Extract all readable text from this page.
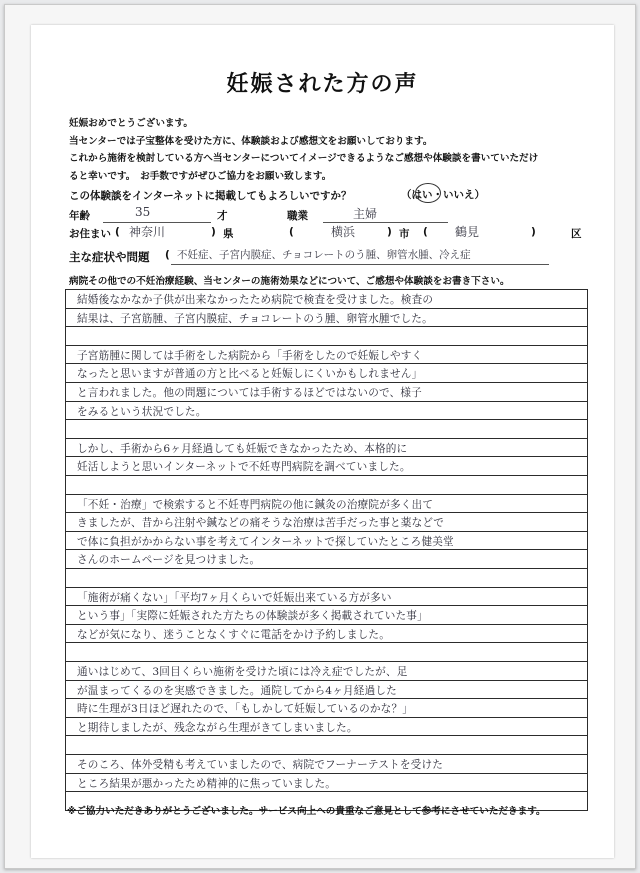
妊娠された方の声
妊娠おめでとうございます。
当センターでは子宝整体を受けた方に、体験談および感想文をお願いしております。
これから施術を検討している方へ当センターについてイメージできるようなご感想や体験談を書いていただけ
ると幸いです。　お手数ですがぜひご協力をお願い致します。
この体験談をインターネットに掲載してもよろしいですか？	（はい・いいえ）
年齢	35	才	職業	主婦
お住まい ( 神奈川	) 県	(	横浜	) 市 ( 鶴見	)	区
主な症状や問題 ( 不妊症、子宮内膜症、チョコレートのう腫、卵管水腫、冷え症
病院その他での不妊治療経験、当センターの施術効果などについて、ご感想や体験談をお書き下さい。
結婚後なかなか子供が出来なかったため病院で検査を受けました。検査の
結果は、子宮筋腫、子宮内膜症、チョコレートのう腫、卵管水腫でした。
子宮筋腫に関しては手術をした病院から「手術をしたので妊娠しやすく
なったと思いますが普通の方と比べると妊娠しにくいかもしれません」
と言われました。他の問題については手術するほどではないので、様子
をみるという状況でした。
しかし、手術から6ヶ月経過しても妊娠できなかったため、本格的に
妊活しようと思いインターネットで不妊専門病院を調べていました。
「不妊・治療」で検索すると不妊専門病院の他に鍼灸の治療院が多く出て
きましたが、昔から注射や鍼などの痛そうな治療は苦手だった事と薬などで
で体に負担がかからない事を考えてインターネットで探していたところ健美堂
さんのホームページを見つけました。
「施術が痛くない」「平均7ヶ月くらいで妊娠出来ている方が多い
という事」「実際に妊娠された方たちの体験談が多く掲載されていた事」
などが気になり、迷うことなくすぐに電話をかけ予約しました。
通いはじめて、3回目くらい施術を受けた頃には冷え症でしたが、足
が温まってくるのを実感できました。通院してから4ヶ月経過した
時に生理が3日ほど遅れたので、「もしかして妊娠しているのかな？」
と期待しましたが、残念ながら生理がきてしまいました。
そのころ、体外受精も考えていましたので、病院でフーナーテストを受けた
ところ結果が悪かったため精神的に焦っていました。
※ご協力いただきありがとうございました。サービス向上への貴重なご意見として参考にさせていただきます。
